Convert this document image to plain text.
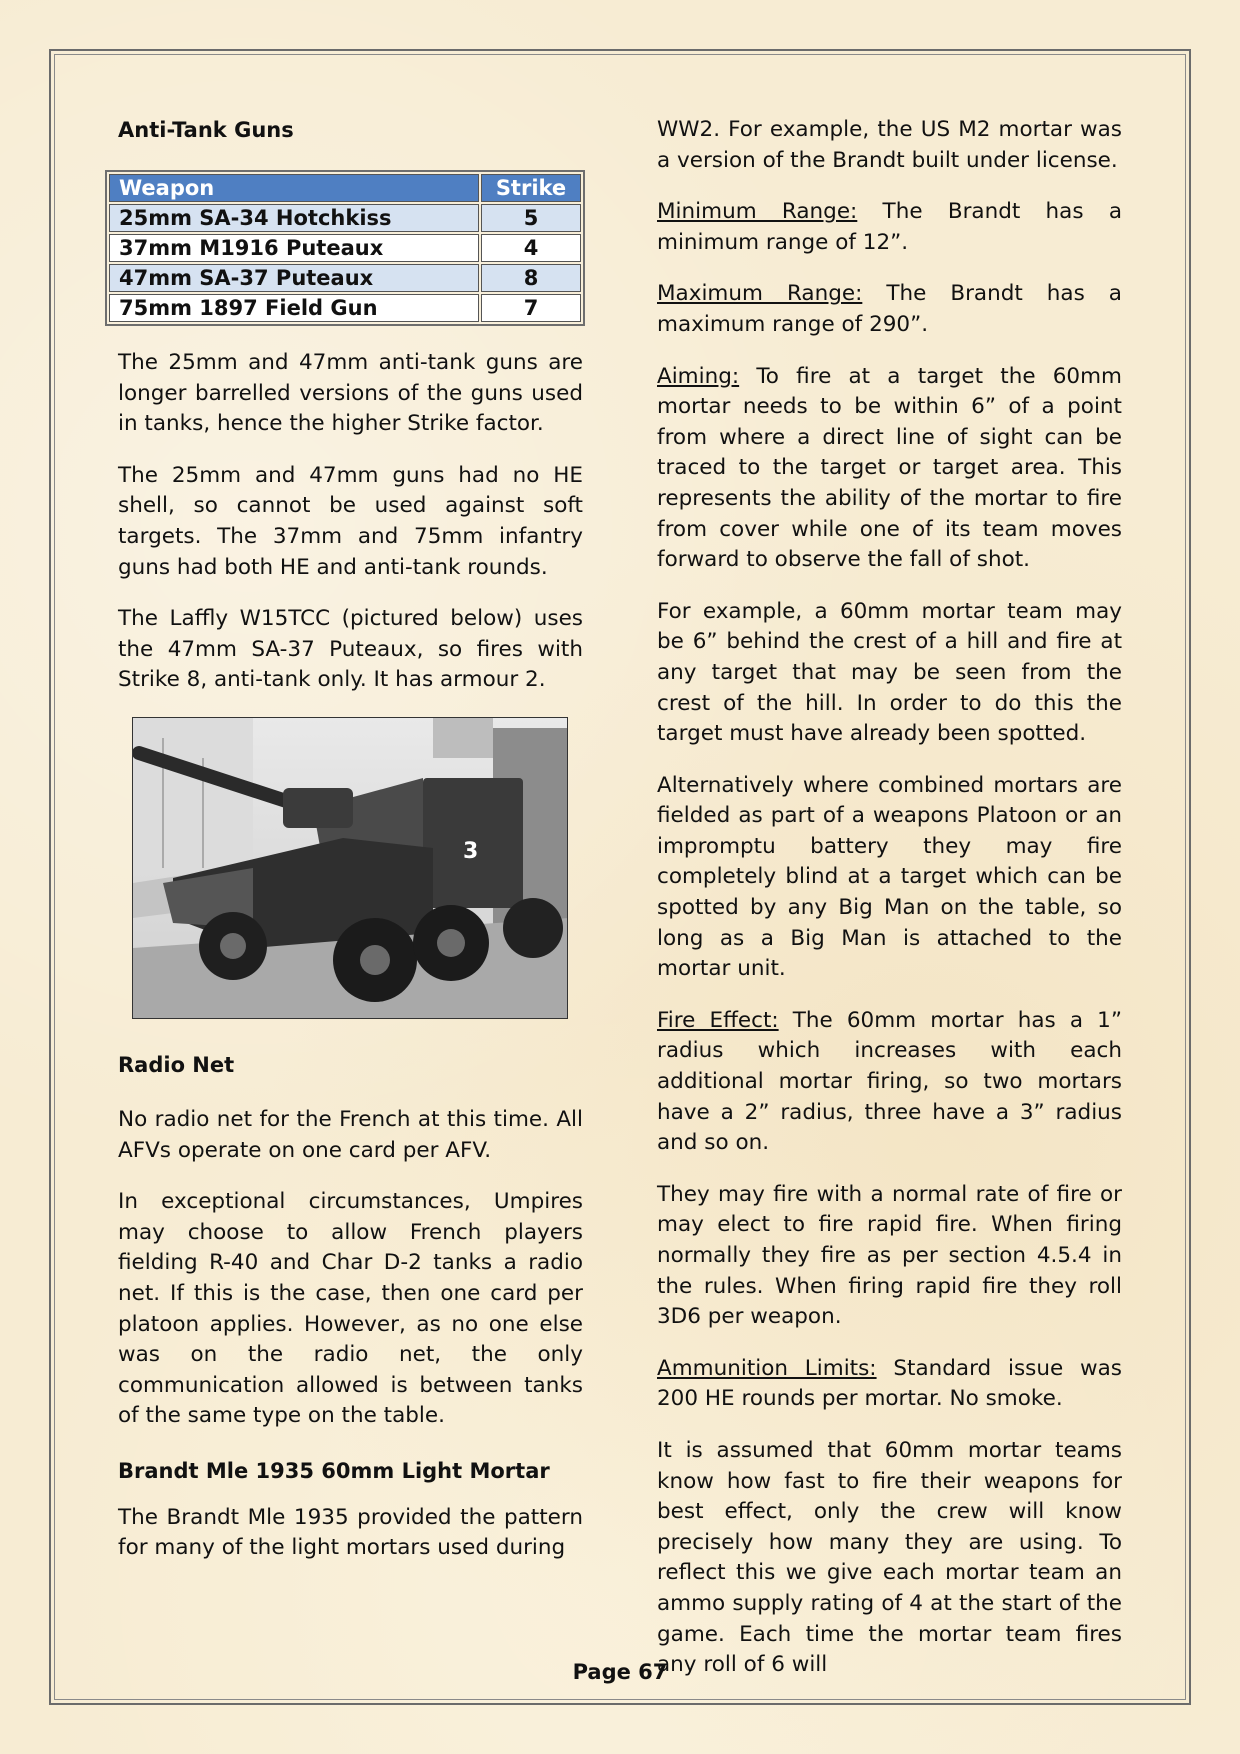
Anti-Tank Guns
Weapon	Strike
25mm SA-34 Hotchkiss	5
37mm M1916 Puteaux	4
47mm SA-37 Puteaux	8
75mm 1897 Field Gun	7

The 25mm and 47mm anti-tank guns are longer barrelled versions of the guns used in tanks, hence the higher Strike factor.

The 25mm and 47mm guns had no HE shell, so cannot be used against soft targets. The 37mm and 75mm infantry guns had both HE and anti-tank rounds.

The Laffly W15TCC (pictured below) uses the 47mm SA-37 Puteaux, so fires with Strike 8, anti-tank only. It has armour 2.

3
Radio Net

No radio net for the French at this time. All AFVs operate on one card per AFV.

In exceptional circumstances, Umpires may choose to allow French players fielding R-40 and Char D-2 tanks a radio net. If this is the case, then one card per platoon applies. However, as no one else was on the radio net, the only communication allowed is between tanks of the same type on the table.

Brandt Mle 1935 60mm Light Mortar

The Brandt Mle 1935 provided the pattern for many of the light mortars used during

WW2. For example, the US M2 mortar was a version of the Brandt built under license.

Minimum Range: The Brandt has a minimum range of 12”.

Maximum Range: The Brandt has a maximum range of 290”.

Aiming: To fire at a target the 60mm mortar needs to be within 6” of a point from where a direct line of sight can be traced to the target or target area. This represents the ability of the mortar to fire from cover while one of its team moves forward to observe the fall of shot.

For example, a 60mm mortar team may be 6” behind the crest of a hill and fire at any target that may be seen from the crest of the hill. In order to do this the target must have already been spotted.

Alternatively where combined mortars are fielded as part of a weapons Platoon or an impromptu battery they may fire completely blind at a target which can be spotted by any Big Man on the table, so long as a Big Man is attached to the mortar unit.

Fire Effect: The 60mm mortar has a 1” radius which increases with each additional mortar firing, so two mortars have a 2” radius, three have a 3” radius and so on.

They may fire with a normal rate of fire or may elect to fire rapid fire. When firing normally they fire as per section 4.5.4 in the rules. When firing rapid fire they roll 3D6 per weapon.

Ammunition Limits: Standard issue was 200 HE rounds per mortar. No smoke.

It is assumed that 60mm mortar teams know how fast to fire their weapons for best effect, only the crew will know precisely how many they are using. To reflect this we give each mortar team an ammo supply rating of 4 at the start of the game. Each time the mortar team fires any roll of 6 will

Page 67
